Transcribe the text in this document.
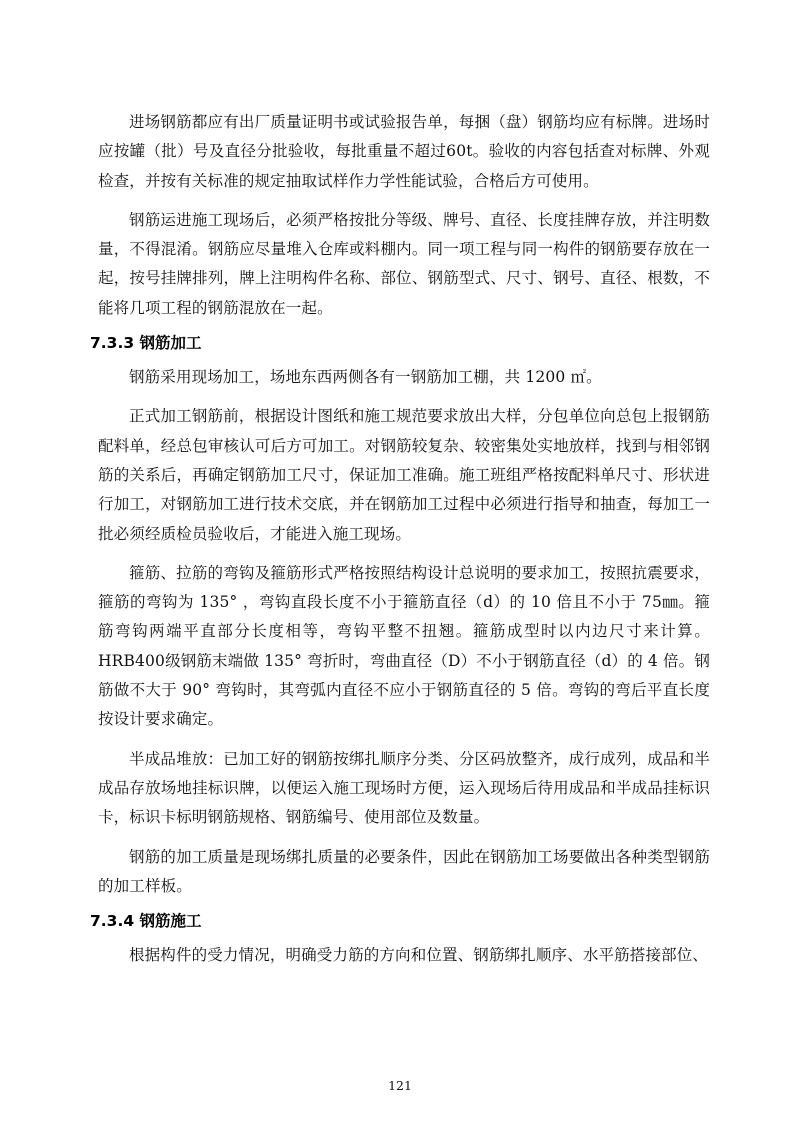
进场钢筋都应有出厂质量证明书或试验报告单，每捆（盘）钢筋均应有标牌。进场时应按罐（批）号及直径分批验收，每批重量不超过60t。验收的内容包括查对标牌、外观检查，并按有关标准的规定抽取试样作力学性能试验，合格后方可使用。

钢筋运进施工现场后，必须严格按批分等级、牌号、直径、长度挂牌存放，并注明数量，不得混淆。钢筋应尽量堆入仓库或料棚内。同一项工程与同一构件的钢筋要存放在一起，按号挂牌排列，牌上注明构件名称、部位、钢筋型式、尺寸、钢号、直径、根数，不能将几项工程的钢筋混放在一起。

7.3.3 钢筋加工

钢筋采用现场加工，场地东西两侧各有一钢筋加工棚，共 1200 ㎡。

正式加工钢筋前，根据设计图纸和施工规范要求放出大样，分包单位向总包上报钢筋配料单，经总包审核认可后方可加工。对钢筋较复杂、较密集处实地放样，找到与相邻钢筋的关系后，再确定钢筋加工尺寸，保证加工准确。施工班组严格按配料单尺寸、形状进行加工，对钢筋加工进行技术交底，并在钢筋加工过程中必须进行指导和抽查，每加工一批必须经质检员验收后，才能进入施工现场。

箍筋、拉筋的弯钩及箍筋形式严格按照结构设计总说明的要求加工，按照抗震要求，箍筋的弯钩为 135° ，弯钩直段长度不小于箍筋直径（d）的 10 倍且不小于 75㎜。箍筋弯钩两端平直部分长度相等，弯钩平整不扭翘。箍筋成型时以内边尺寸来计算。HRB400级钢筋末端做 135° 弯折时，弯曲直径（D）不小于钢筋直径（d）的 4 倍。钢筋做不大于 90° 弯钩时，其弯弧内直径不应小于钢筋直径的 5 倍。弯钩的弯后平直长度按设计要求确定。

半成品堆放：已加工好的钢筋按绑扎顺序分类、分区码放整齐，成行成列，成品和半成品存放场地挂标识牌，以便运入施工现场时方便，运入现场后待用成品和半成品挂标识卡，标识卡标明钢筋规格、钢筋编号、使用部位及数量。

钢筋的加工质量是现场绑扎质量的必要条件，因此在钢筋加工场要做出各种类型钢筋的加工样板。

7.3.4 钢筋施工

根据构件的受力情况，明确受力筋的方向和位置、钢筋绑扎顺序、水平筋搭接部位、

121
